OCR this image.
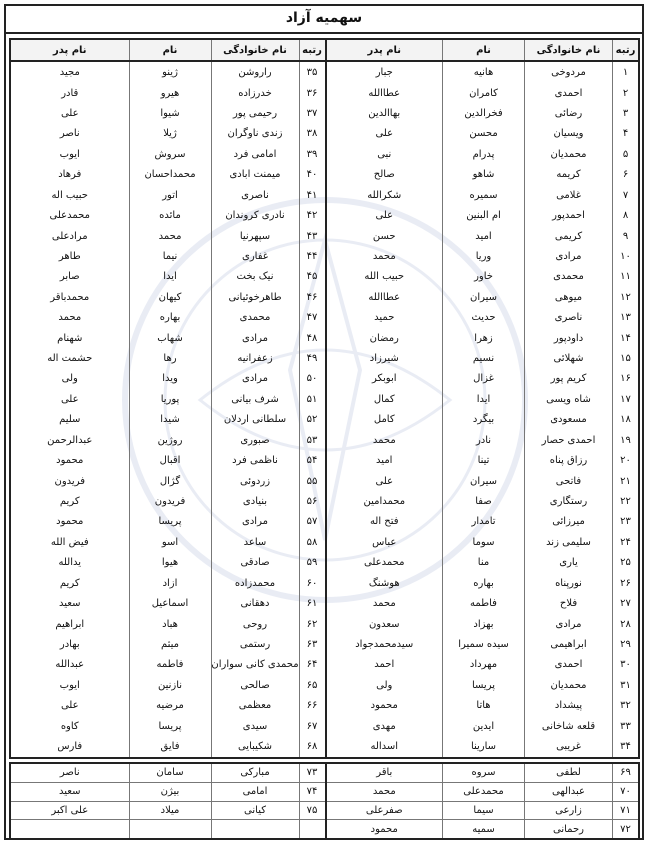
سهمیه آزاد
رتبه
نام خانوادگی
نام
نام پدر
۱
مردوخی
هانیه
جبار
۲
احمدی
کامران
عطاالله
۳
رضائی
فخرالدین
بهاالدین
۴
ویسیان
محسن
علی
۵
محمدیان
پدرام
نبی
۶
کریمه
شاهو
صالح
۷
غلامی
سمیره
شکرالله
۸
احمدپور
ام البنین
علی
۹
کریمی
امید
حسن
۱۰
مرادی
وریا
محمد
۱۱
محمدی
خاور
حبیب الله
۱۲
میوهی
سیران
عطاالله
۱۳
ناصری
حدیث
حمید
۱۴
داودپور
زهرا
رمضان
۱۵
شهلائی
نسیم
شیرزاد
۱۶
کریم پور
غزال
ابوبکر
۱۷
شاه ویسی
ایدا
کمال
۱۸
مسعودی
بیگرد
کامل
۱۹
احمدی حصار
نادر
محمد
۲۰
رزاق پناه
تینا
امید
۲۱
فاتحی
سیران
علی
۲۲
رستگاری
صفا
محمدامین
۲۳
میرزائی
تامدار
فتح اله
۲۴
سلیمی زند
سوما
عباس
۲۵
یاری
منا
محمدعلی
۲۶
نورپناه
بهاره
هوشنگ
۲۷
فلاح
فاطمه
محمد
۲۸
مرادی
بهزاد
سعدون
۲۹
ابراهیمی
سیده سمیرا
سیدمحمدجواد
۳۰
احمدی
مهرداد
احمد
۳۱
محمدیان
پریسا
ولی
۳۲
پیشداد
هاتا
محمود
۳۳
قلعه شاخانی
ایدین
مهدی
۳۴
غریبی
سارینا
اسداله
رتبه
نام خانوادگی
نام
نام پدر
۳۵
راروشن
ژینو
مجید
۳۶
خدرزاده
هیرو
قادر
۳۷
رحیمی پور
شیوا
علی
۳۸
زندی ناوگران
ژیلا
ناصر
۳۹
امامی فرد
سروش
ایوب
۴۰
میمنت ابادی
محمداحسان
فرهاد
۴۱
ناصری
اتور
حبیب اله
۴۲
نادری کروندان
مائده
محمدعلی
۴۳
سپهرنیا
محمد
مرادعلی
۴۴
غفاری
نیما
طاهر
۴۵
نیک بخت
ایدا
صابر
۴۶
طاهرخوئیانی
کیهان
محمدباقر
۴۷
محمدی
بهاره
محمد
۴۸
مرادی
شهاب
شهنام
۴۹
زعفرانیه
رها
حشمت اله
۵۰
مرادی
ویدا
ولی
۵۱
شرف بیانی
پوریا
علی
۵۲
سلطانی اردلان
شیدا
سلیم
۵۳
صبوری
روژین
عبدالرحمن
۵۴
ناظمی فرد
اقبال
محمود
۵۵
زردوئی
گژال
فریدون
۵۶
بنیادی
فریدون
کریم
۵۷
مرادی
پریسا
محمود
۵۸
ساعد
اسو
فیض الله
۵۹
صادقی
هیوا
یدالله
۶۰
محمدزاده
ازاد
کریم
۶۱
دهقانی
اسماعیل
سعید
۶۲
روحی
هباد
ابراهیم
۶۳
رستمی
میثم
بهادر
۶۴
محمدی کانی سواران
فاطمه
عبدالله
۶۵
صالحی
نازنین
ایوب
۶۶
معظمی
مرضیه
علی
۶۷
سیدی
پریسا
کاوه
۶۸
شکیبایی
فایق
فارس
۶۹
لطفی
سروه
باقر
۷۰
عبدالهی
محمدعلی
محمد
۷۱
زارعی
سیما
صفرعلی
۷۲
رحمانی
سمیه
محمود
۷۳
مبارکی
سامان
ناصر
۷۴
امامی
بیژن
سعید
۷۵
کیانی
میلاد
علی اکبر
